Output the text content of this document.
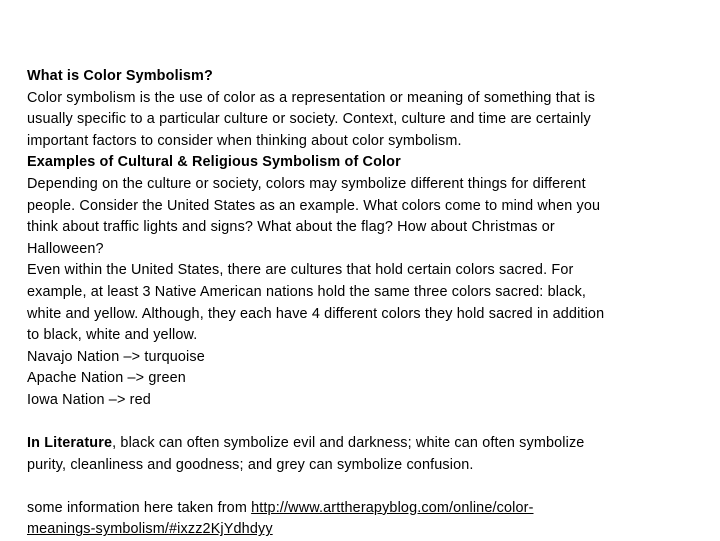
What is Color Symbolism?
Color symbolism is the use of color as a representation or meaning of something that is
usually specific to a particular culture or society. Context, culture and time are certainly
important factors to consider when thinking about color symbolism.
Examples of Cultural & Religious Symbolism of Color
Depending on the culture or society, colors may symbolize different things for different
people. Consider the United States as an example. What colors come to mind when you
think about traffic lights and signs? What about the flag? How about Christmas or
Halloween?
Even within the United States, there are cultures that hold certain colors sacred. For
example, at least 3 Native American nations hold the same three colors sacred: black,
white and yellow. Although, they each have 4 different colors they hold sacred in addition
to black, white and yellow.
Navajo Nation –> turquoise
Apache Nation –> green
Iowa Nation –> red
In Literature, black can often symbolize evil and darkness; white can often symbolize
purity, cleanliness and goodness; and grey can symbolize confusion.
some information here taken from http://www.arttherapyblog.com/online/color-
meanings-symbolism/#ixzz2KjYdhdyy
